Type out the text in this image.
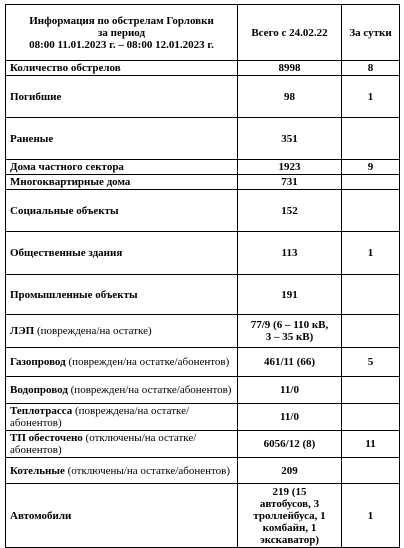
Информация по обстрелам Горловки
за период
08:00 11.01.2023 г. – 08:00 12.01.2023 г.	Всего с 24.02.22	За сутки
Количество обстрелов	8998	8
Погибшие	98	1
Раненые	351	
Дома частного сектора	1923	9
Многоквартирные дома	731	
Социальные объекты	152	
Общественные здания	113	1
Промышленные объекты	191	
ЛЭП (повреждена/на остатке)	77/9 (6 – 110 кВ,
3 – 35 кВ)	

Газопровод (поврежден/на остатке/абонентов)	461/11 (66)	5
Водопровод (поврежден/на остатке/абонентов)	11/0	
Теплотрасса (повреждена/на остатке/абонентов)	11/0	
ТП обесточено (отключены/на остатке/абонентов)	6056/12 (8)	11
Котельные (отключены/на остатке/абонентов)	209	
Автомобили	219 (15
автобусов, 3
троллейбуса, 1
комбайн, 1
экскаватор)	1
